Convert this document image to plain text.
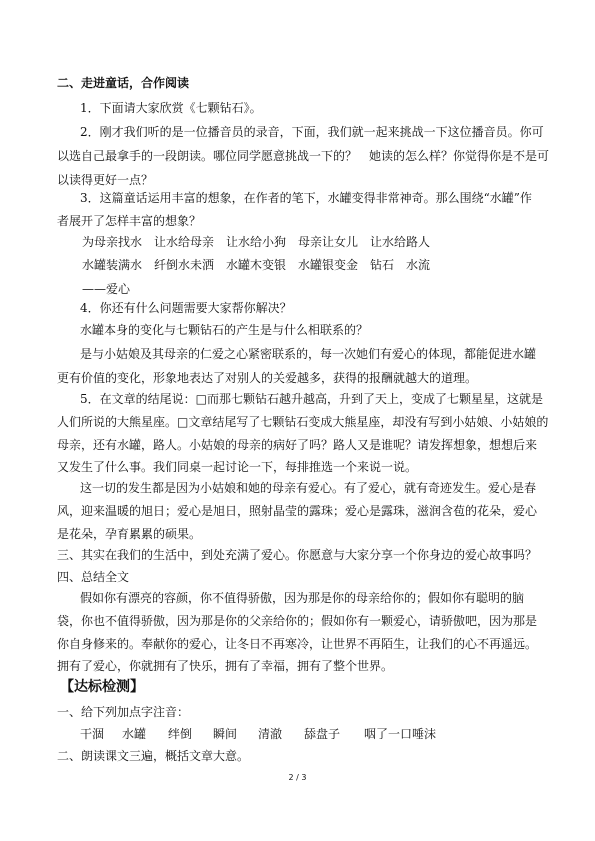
二、走进童话，合作阅读
1．下面请大家欣赏《七颗钻石》。
2．刚才我们听的是一位播音员的录音，下面，我们就一起来挑战一下这位播音员。你可
以选自己最拿手的一段朗读。哪位同学愿意挑战一下的？　她读的怎么样？你觉得你是不是可
以读得更好一点？
3．这篇童话运用丰富的想象，在作者的笔下，水罐变得非常神奇。那么围绕“水罐”作
者展开了怎样丰富的想象？
为母亲找水　让水给母亲　让水给小狗　母亲让女儿　让水给路人
水罐装满水　纤倒水未洒　水罐木变银　水罐银变金　钻石　水流
——爱心
4．你还有什么问题需要大家帮你解决？
水罐本身的变化与七颗钻石的产生是与什么相联系的？
是与小姑娘及其母亲的仁爱之心紧密联系的，每一次她们有爱心的体现，都能促进水罐
更有价值的变化，形象地表达了对别人的关爱越多，获得的报酬就越大的道理。
5．在文章的结尾说：□而那七颗钻石越升越高，升到了天上，变成了七颗星星，这就是
人们所说的大熊星座。□文章结尾写了七颗钻石变成大熊星座，却没有写到小姑娘、小姑娘的
母亲，还有水罐，路人。小姑娘的母亲的病好了吗？路人又是谁呢？请发挥想象，想想后来
又发生了什么事。我们同桌一起讨论一下，每排推选一个来说一说。
这一切的发生都是因为小姑娘和她的母亲有爱心。有了爱心，就有奇迹发生。爱心是春
风，迎来温暖的旭日；爱心是旭日，照射晶莹的露珠；爱心是露珠，滋润含苞的花朵，爱心
是花朵，孕育累累的硕果。
三、其实在我们的生活中，到处充满了爱心。你愿意与大家分享一个你身边的爱心故事吗？
四、总结全文
假如你有漂亮的容颜，你不值得骄傲，因为那是你的母亲给你的；假如你有聪明的脑
袋，你也不值得骄傲，因为那是你的父亲给你的；假如你有一颗爱心，请骄傲吧，因为那是
你自身修来的。奉献你的爱心，让冬日不再寒冷，让世界不再陌生，让我们的心不再遥远。
拥有了爱心，你就拥有了快乐，拥有了幸福，拥有了整个世界。
【达标检测】
一、给下列加点字注音：
干涸 水罐 绊倒 瞬间 清澈 舔盘子 咽了一口唾沫
二、朗读课文三遍，概括文章大意。
2 / 3
